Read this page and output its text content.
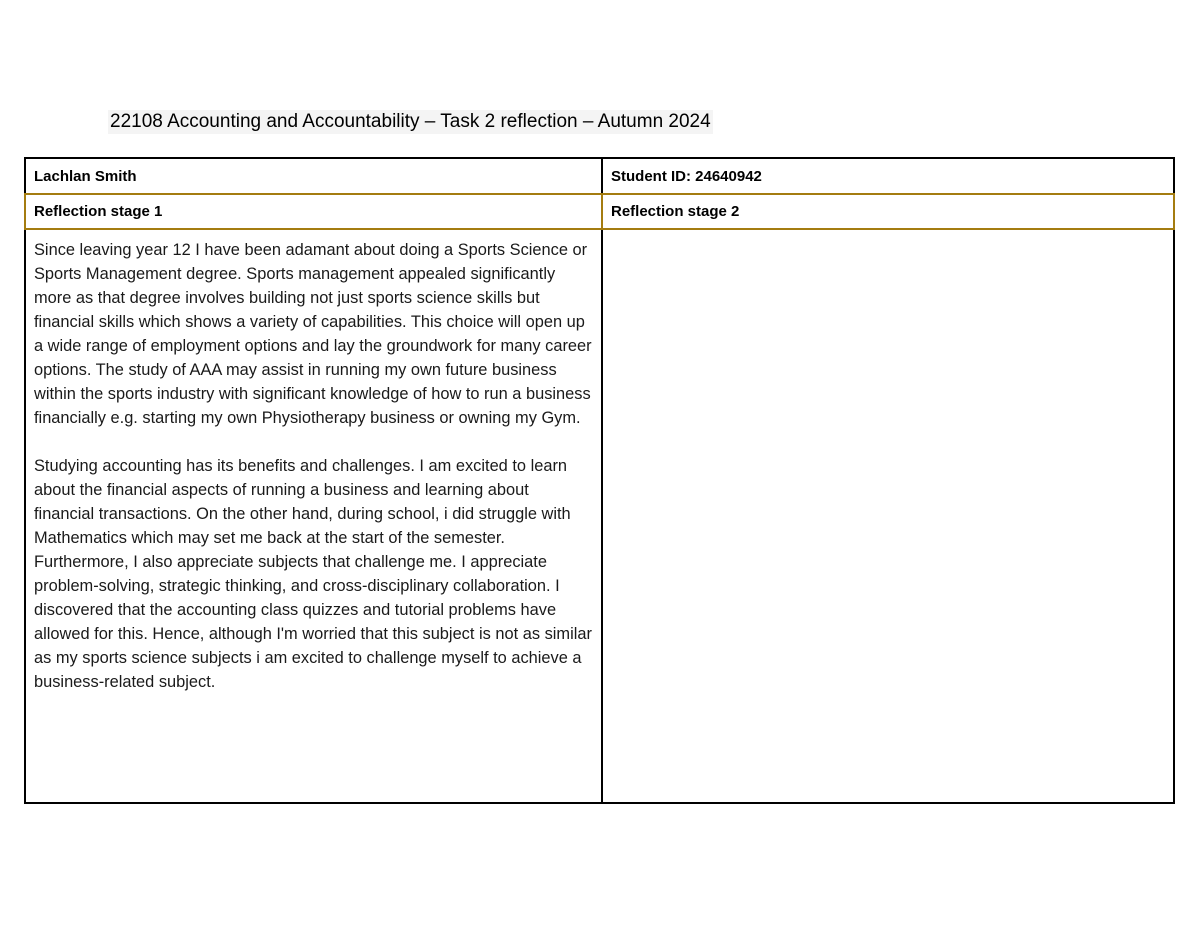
22108 Accounting and Accountability – Task 2 reflection – Autumn 2024
Lachlan Smith	Student ID: 24640942
Reflection stage 1	Reflection stage 2

Since leaving year 12 I have been adamant about doing a Sports Science or Sports Management degree. Sports management appealed significantly more as that degree involves building not just sports science skills but financial skills which shows a variety of capabilities. This choice will open up a wide range of employment options and lay the groundwork for many career options. The study of AAA may assist in running my own future business within the sports industry with significant knowledge of how to run a business financially e.g. starting my own Physiotherapy business or owning my Gym.

Studying accounting has its benefits and challenges. I am excited to learn about the financial aspects of running a business and learning about financial transactions. On the other hand, during school, i did struggle with Mathematics which may set me back at the start of the semester. Furthermore, I also appreciate subjects that challenge me. I appreciate problem-solving, strategic thinking, and cross-disciplinary collaboration. I discovered that the accounting class quizzes and tutorial problems have allowed for this. Hence, although I'm worried that this subject is not as similar as my sports science subjects i am excited to challenge myself to achieve a business-related subject.	
